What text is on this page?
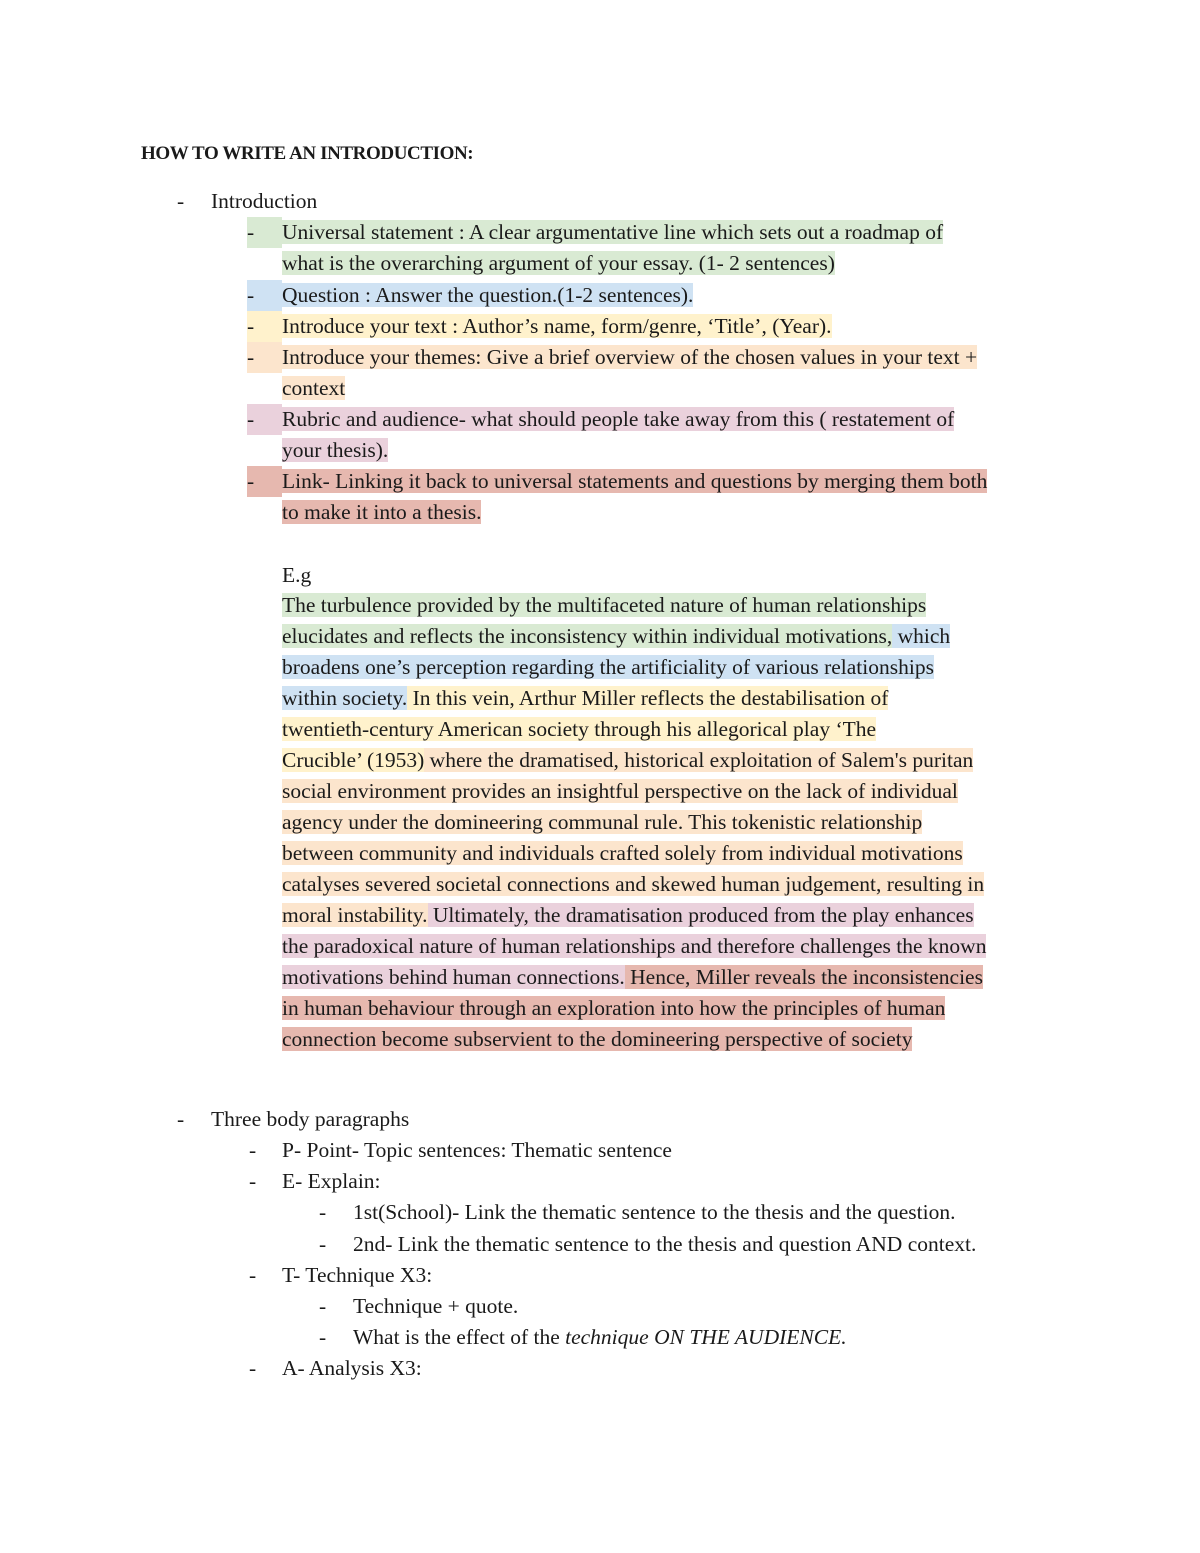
HOW TO WRITE AN INTRODUCTION:
- Introduction
-	Universal statement : A clear argumentative line which sets out a roadmap of
what is the overarching argument of your essay. (1- 2 sentences)
-	Question : Answer the question.(1-2 sentences).
-	Introduce your text : Author’s name, form/genre, ‘Title’, (Year).
-	Introduce your themes: Give a brief overview of the chosen values in your text +
context
-	Rubric and audience- what should people take away from this ( restatement of
your thesis).
-	Link- Linking it back to universal statements and questions by merging them both
to make it into a thesis.
E.g
The turbulence provided by the multifaceted nature of human relationships
elucidates and reflects the inconsistency within individual motivations, which
broadens one’s perception regarding the artificiality of various relationships
within society. In this vein, Arthur Miller reflects the destabilisation of
twentieth-century American society through his allegorical play ‘The
Crucible’ (1953) where the dramatised, historical exploitation of Salem's puritan
social environment provides an insightful perspective on the lack of individual
agency under the domineering communal rule. This tokenistic relationship
between community and individuals crafted solely from individual motivations
catalyses severed societal connections and skewed human judgement, resulting in
moral instability. Ultimately, the dramatisation produced from the play enhances
the paradoxical nature of human relationships and therefore challenges the known
motivations behind human connections. Hence, Miller reveals the inconsistencies
in human behaviour through an exploration into how the principles of human
connection become subservient to the domineering perspective of society
- Three body paragraphs
- P- Point- Topic sentences: Thematic sentence
- E- Explain:
- 1st(School)- Link the thematic sentence to the thesis and the question.
- 2nd- Link the thematic sentence to the thesis and question AND context.
- T- Technique X3:
- Technique + quote.
- What is the effect of the technique ON THE AUDIENCE.
- A- Analysis X3:
